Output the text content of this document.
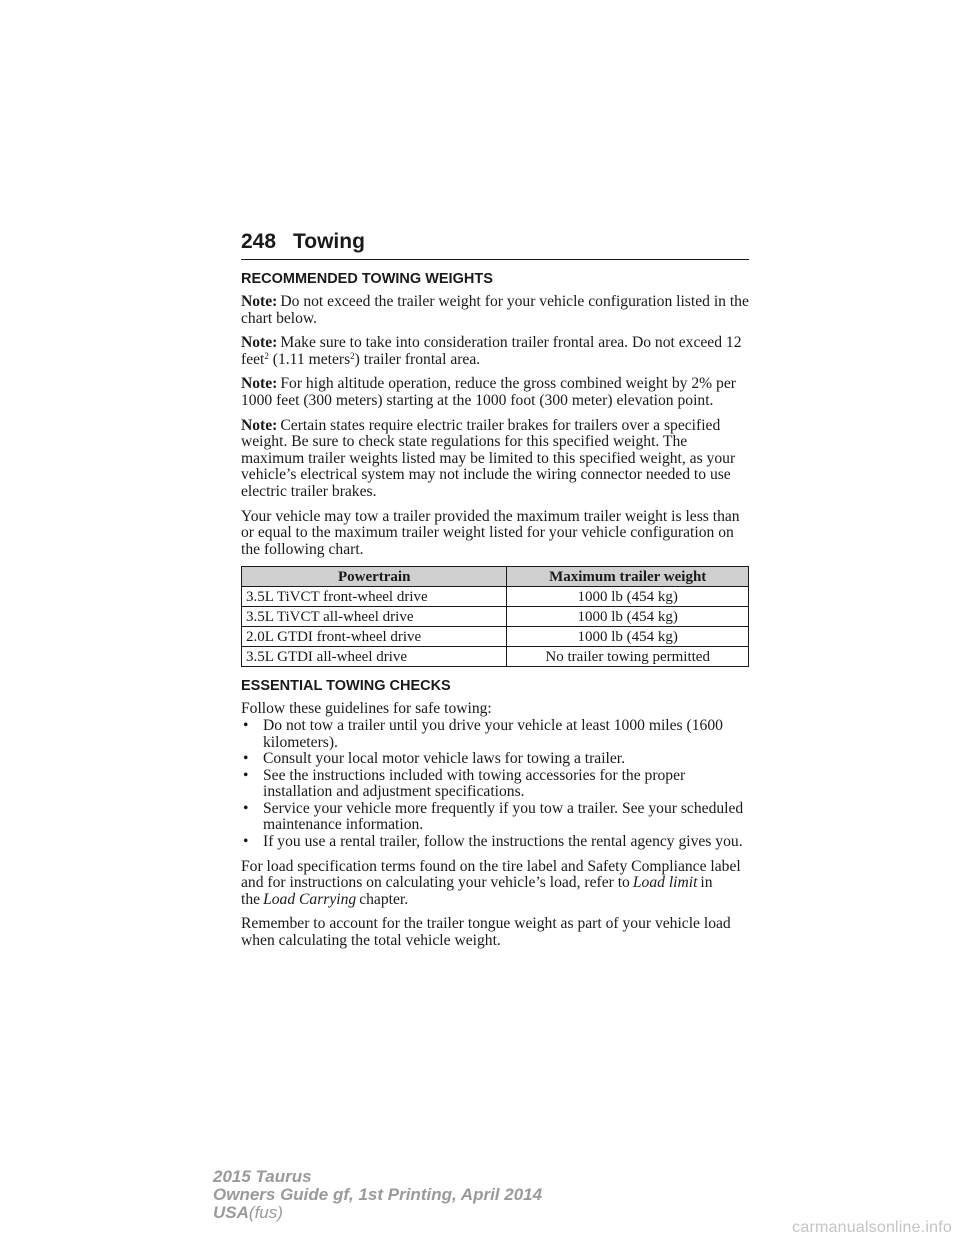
248 Towing
RECOMMENDED TOWING WEIGHTS

Note: Do not exceed the trailer weight for your vehicle configuration listed in the chart below.

Note: Make sure to take into consideration trailer frontal area. Do not exceed 12 feet$^2$ (1.11 meters$^2$) trailer frontal area.

Note: For high altitude operation, reduce the gross combined weight by 2% per 1000 feet (300 meters) starting at the 1000 foot (300 meter) elevation point.

Note: Certain states require electric trailer brakes for trailers over a specified weight. Be sure to check state regulations for this specified weight. The maximum trailer weights listed may be limited to this specified weight, as your vehicle’s electrical system may not include the wiring connector needed to use electric trailer brakes.

Your vehicle may tow a trailer provided the maximum trailer weight is less than or equal to the maximum trailer weight listed for your vehicle configuration on the following chart.

Powertrain	Maximum trailer weight
3.5L TiVCT front-wheel drive	1000 lb (454 kg)
3.5L TiVCT all-wheel drive	1000 lb (454 kg)
2.0L GTDI front-wheel drive	1000 lb (454 kg)
3.5L GTDI all-wheel drive	No trailer towing permitted
ESSENTIAL TOWING CHECKS

Follow these guidelines for safe towing:

• Do not tow a trailer until you drive your vehicle at least 1000 miles (1600 kilometers).
• Consult your local motor vehicle laws for towing a trailer.
• See the instructions included with towing accessories for the proper installation and adjustment specifications.
• Service your vehicle more frequently if you tow a trailer. See your scheduled maintenance information.
• If you use a rental trailer, follow the instructions the rental agency gives you.

For load specification terms found on the tire label and Safety Compliance label and for instructions on calculating your vehicle’s load, refer to Load limit in the Load Carrying chapter.

Remember to account for the trailer tongue weight as part of your vehicle load when calculating the total vehicle weight.

2015 Taurus
Owners Guide gf, 1st Printing, April 2014
USA(fus)
carmanualsonline.info
